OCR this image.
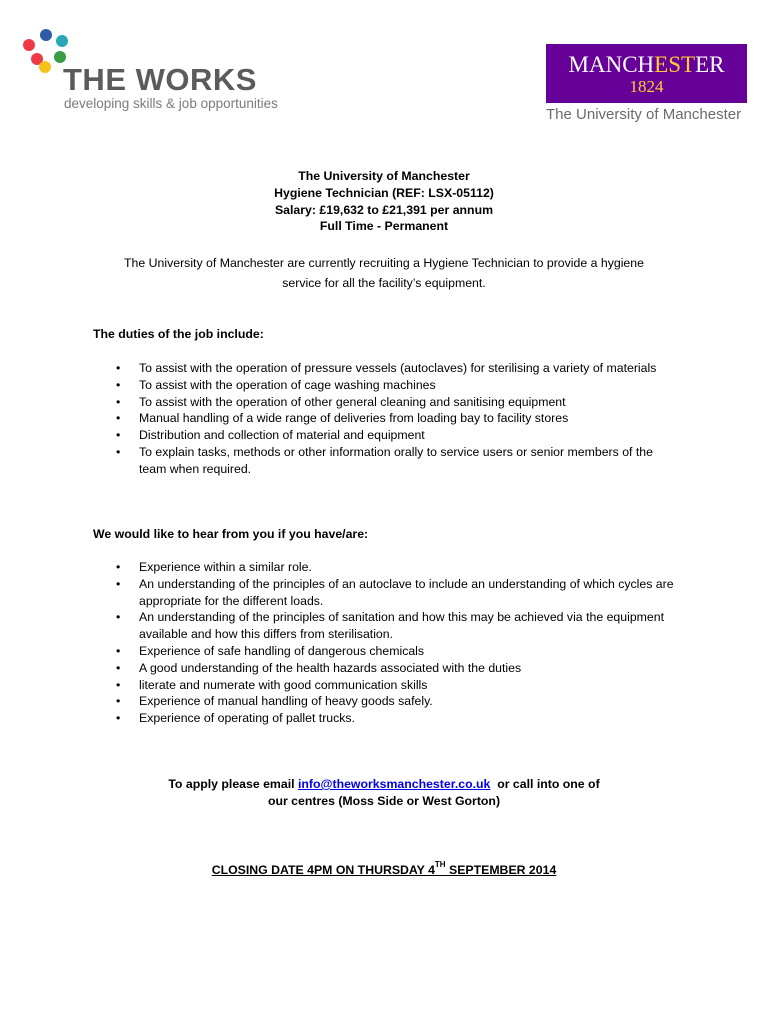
THE WORKS
developing skills & job opportunities
MANCHESTER
1824
The University of Manchester
The University of Manchester
Hygiene Technician (REF: LSX-05112)
Salary: £19,632 to £21,391 per annum
Full Time - Permanent
The University of Manchester are currently recruiting a Hygiene Technician to provide a hygiene
service for all the facility’s equipment.
The duties of the job include:
• To assist with the operation of pressure vessels (autoclaves) for sterilising a variety of materials
• To assist with the operation of cage washing machines
• To assist with the operation of other general cleaning and sanitising equipment
• Manual handling of a wide range of deliveries from loading bay to facility stores
• Distribution and collection of material and equipment
• To explain tasks, methods or other information orally to service users or senior members of the team when required.
We would like to hear from you if you have/are:
• Experience within a similar role.
• An understanding of the principles of an autoclave to include an understanding of which cycles are appropriate for the different loads.
• An understanding of the principles of sanitation and how this may be achieved via the equipment available and how this differs from sterilisation.
• Experience of safe handling of dangerous chemicals
• A good understanding of the health hazards associated with the duties
• literate and numerate with good communication skills
• Experience of manual handling of heavy goods safely.
• Experience of operating of pallet trucks.
To apply please email info@theworksmanchester.co.uk  or call into one of
our centres (Moss Side or West Gorton)
CLOSING DATE 4PM ON THURSDAY 4TH SEPTEMBER 2014
